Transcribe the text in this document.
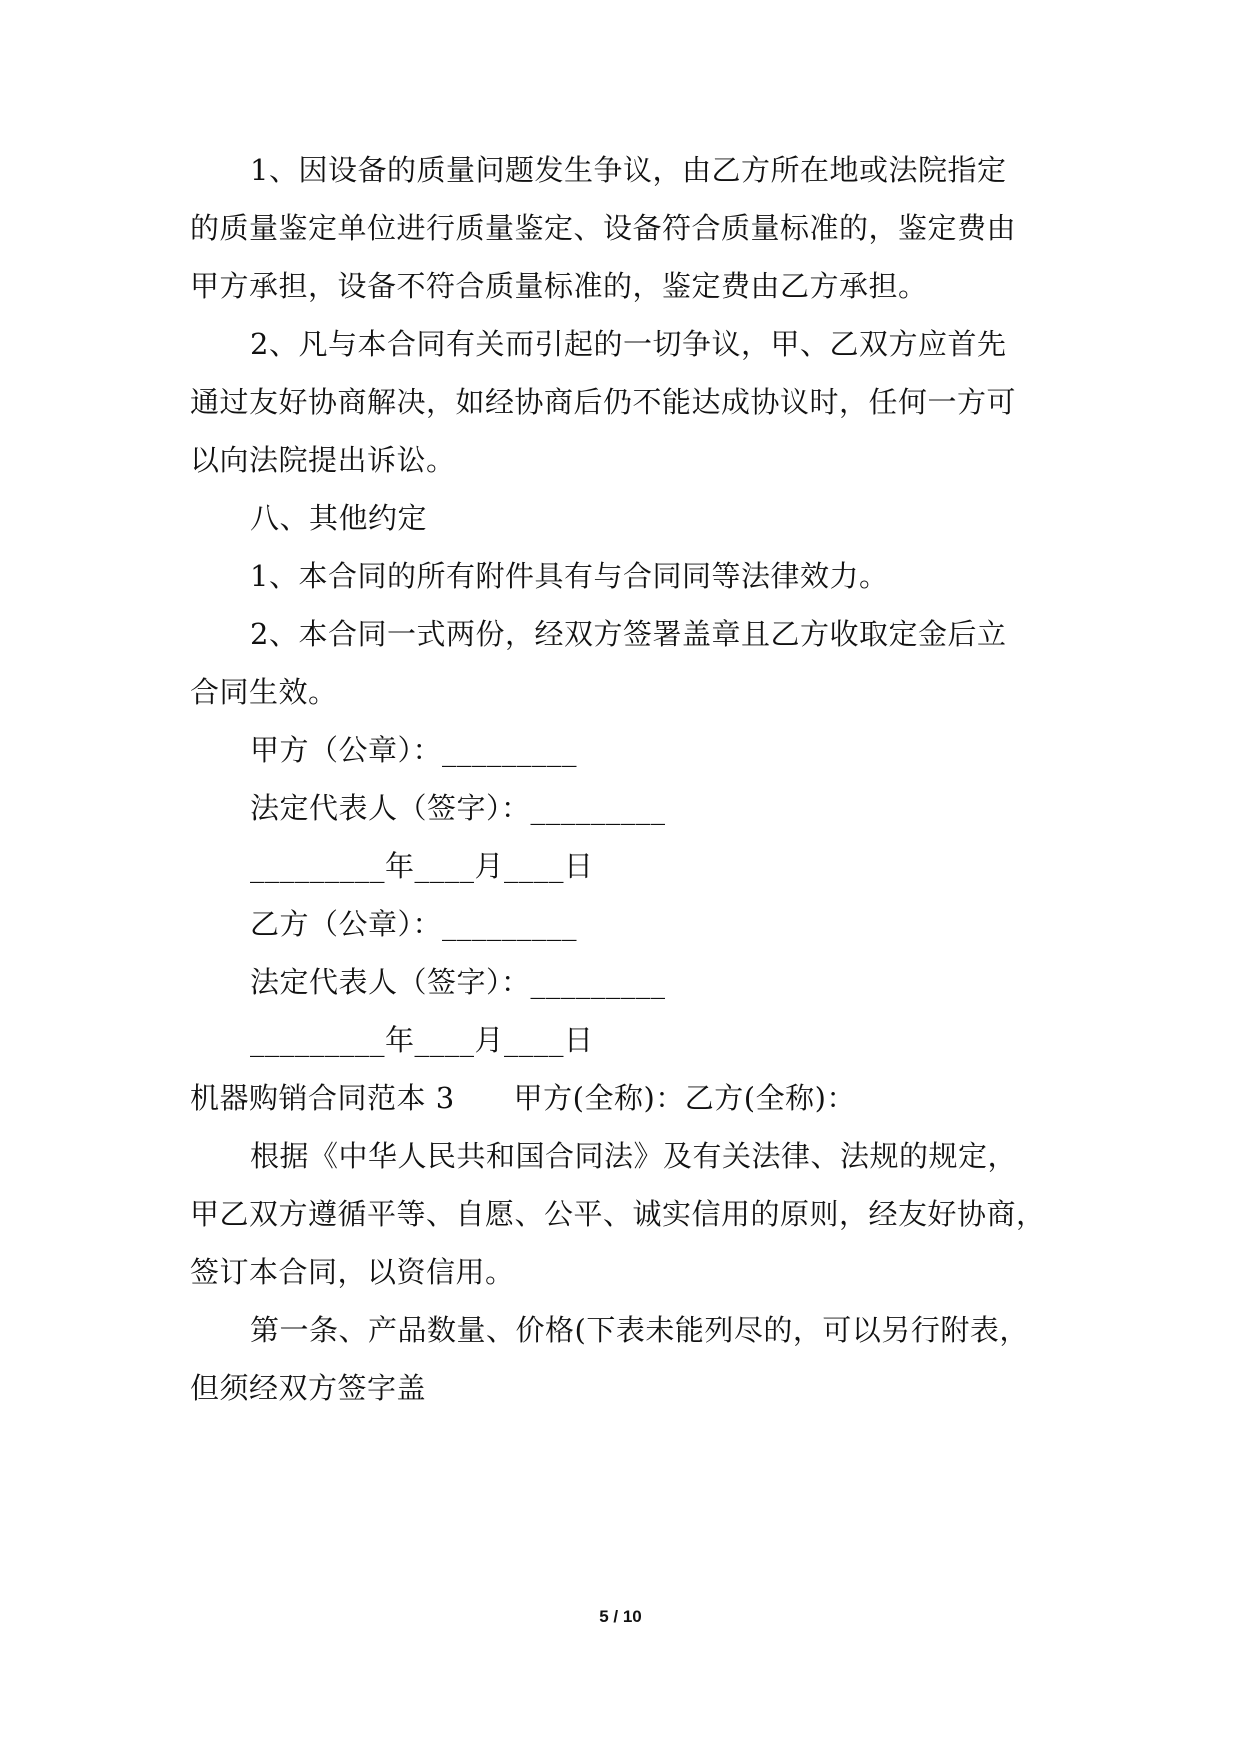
1、因设备的质量问题发生争议，由乙方所在地或法院指定
的质量鉴定单位进行质量鉴定、设备符合质量标准的，鉴定费由
甲方承担，设备不符合质量标准的，鉴定费由乙方承担。
2、凡与本合同有关而引起的一切争议，甲、乙双方应首先
通过友好协商解决，如经协商后仍不能达成协议时，任何一方可
以向法院提出诉讼。
八、其他约定
1、本合同的所有附件具有与合同同等法律效力。
2、本合同一式两份，经双方签署盖章且乙方收取定金后立
合同生效。
甲方（公章）：_________
法定代表人（签字）：_________
_________年____月____日
乙方（公章）：_________
法定代表人（签字）：_________
_________年____月____日
机器购销合同范本 3　　甲方(全称)：乙方(全称)：
根据《中华人民共和国合同法》及有关法律、法规的规定，
甲乙双方遵循平等、自愿、公平、诚实信用的原则，经友好协商，
签订本合同，以资信用。
第一条、产品数量、价格(下表未能列尽的，可以另行附表，
但须经双方签字盖
5 / 10
